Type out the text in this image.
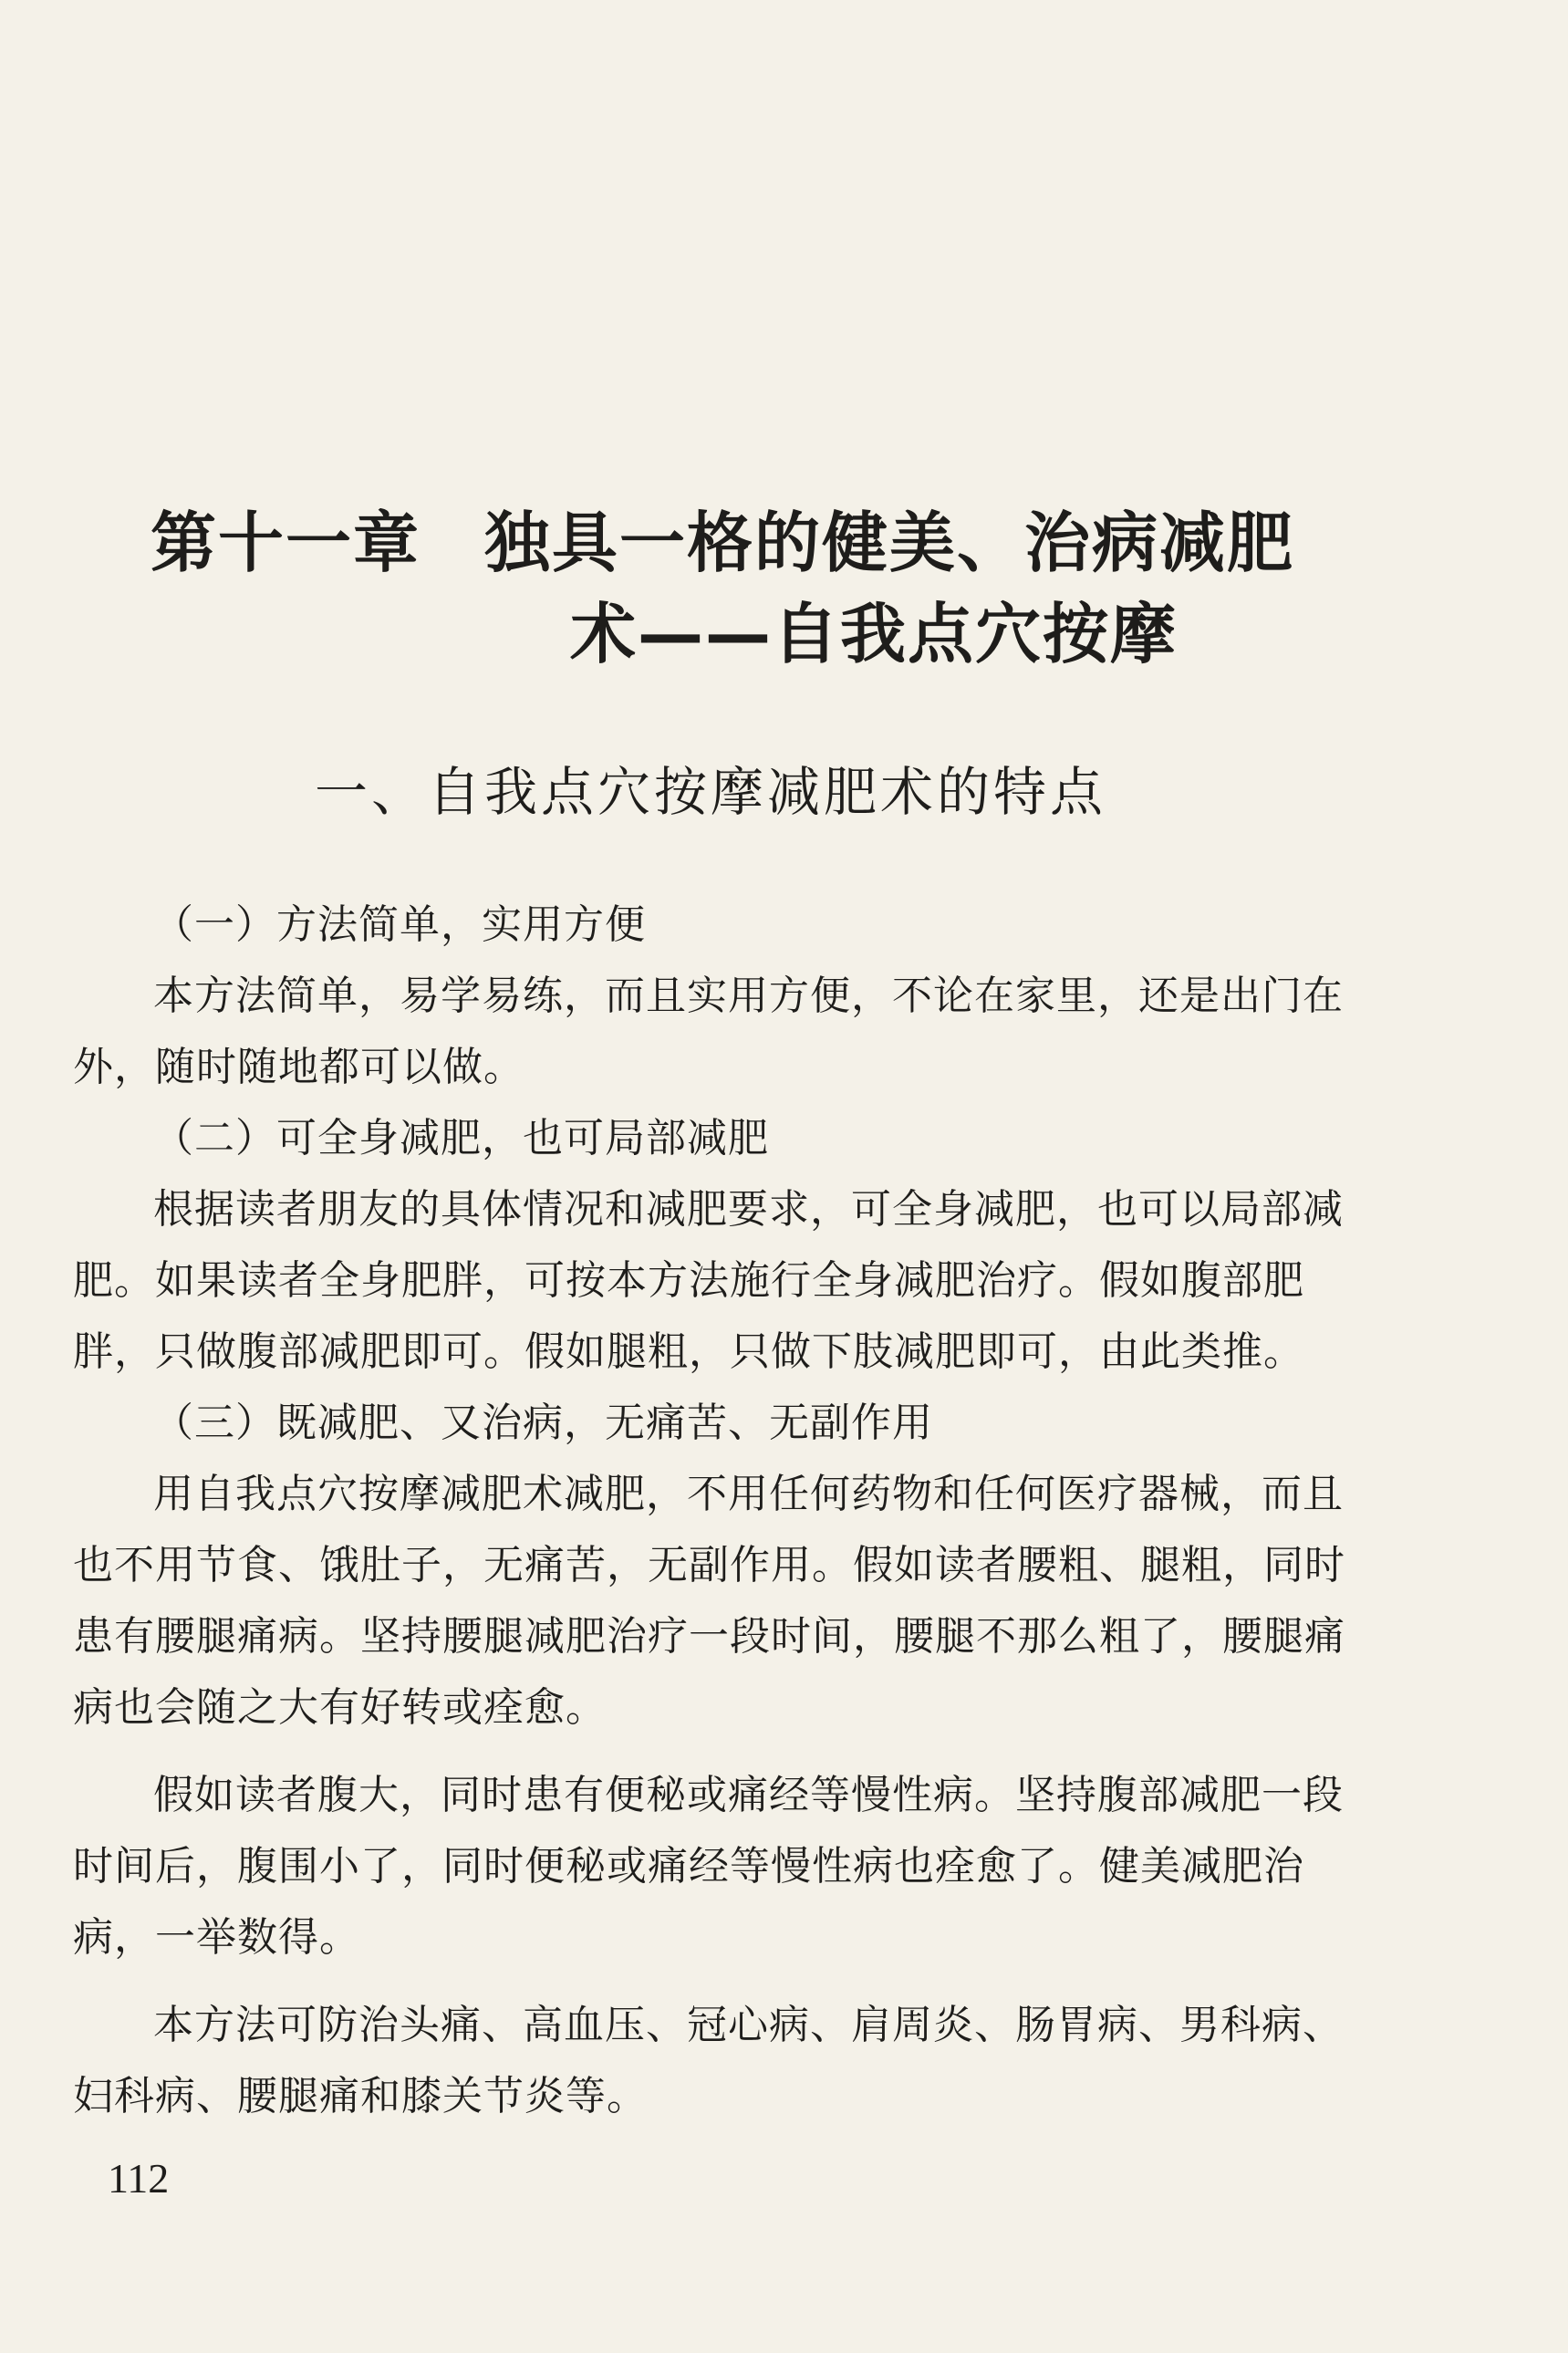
第十一章 独具一格的健美、治病减肥
术——自我点穴按摩
一、自我点穴按摩减肥术的特点

（一）方法简单，实用方便

本方法简单，易学易练，而且实用方便，不论在家里，还是出门在外，随时随地都可以做。

（二）可全身减肥，也可局部减肥

根据读者朋友的具体情况和减肥要求，可全身减肥，也可以局部减肥。如果读者全身肥胖，可按本方法施行全身减肥治疗。假如腹部肥胖，只做腹部减肥即可。假如腿粗，只做下肢减肥即可，由此类推。

（三）既减肥、又治病，无痛苦、无副作用

用自我点穴按摩减肥术减肥，不用任何药物和任何医疗器械，而且也不用节食、饿肚子，无痛苦，无副作用。假如读者腰粗、腿粗，同时患有腰腿痛病。坚持腰腿减肥治疗一段时间，腰腿不那么粗了，腰腿痛病也会随之大有好转或痊愈。

假如读者腹大，同时患有便秘或痛经等慢性病。坚持腹部减肥一段时间后，腹围小了，同时便秘或痛经等慢性病也痊愈了。健美减肥治病，一举数得。

本方法可防治头痛、高血压、冠心病、肩周炎、肠胃病、男科病、妇科病、腰腿痛和膝关节炎等。

112
